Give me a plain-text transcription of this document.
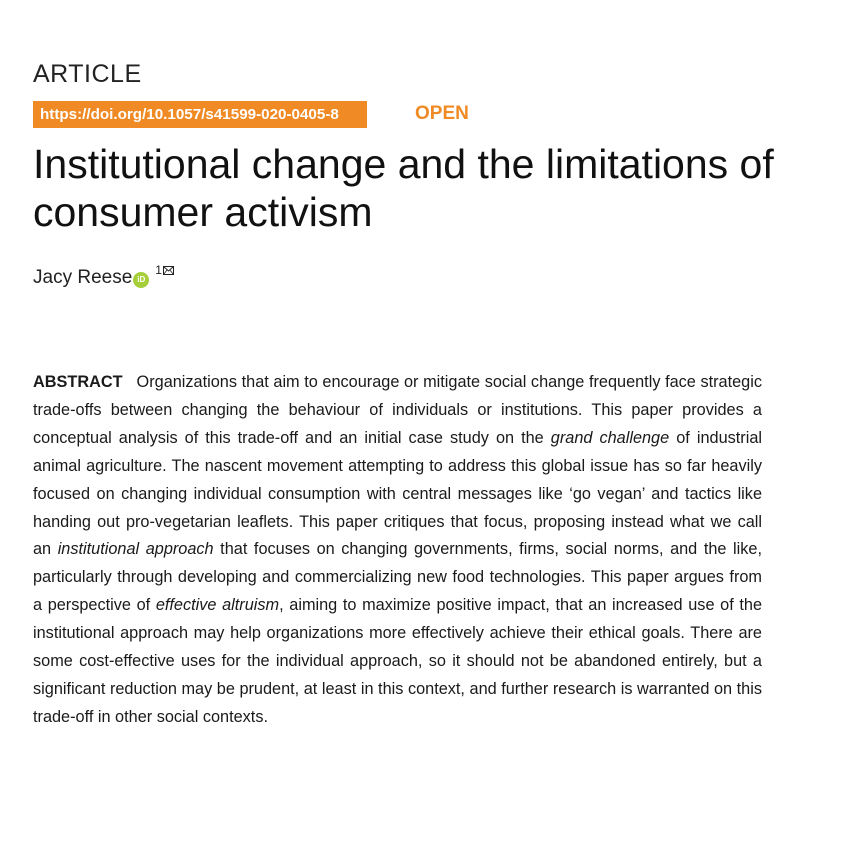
ARTICLE
https://doi.org/10.1057/s41599-020-0405-8	OPEN
Institutional change and the limitations of consumer activism
Jacy Reese iD
1

ABSTRACT Organizations that aim to encourage or mitigate social change frequently face strategic trade-offs between changing the behaviour of individuals or institutions. This paper provides a conceptual analysis of this trade-off and an initial case study on the grand challenge of industrial animal agriculture. The nascent movement attempting to address this global issue has so far heavily focused on changing individual consumption with central messages like ‘go vegan’ and tactics like handing out pro-vegetarian leaflets. This paper critiques that focus, proposing instead what we call an institutional approach that focuses on changing governments, firms, social norms, and the like, particularly through developing and commercializing new food technologies. This paper argues from a perspective of effective altruism, aiming to maximize positive impact, that an increased use of the institutional approach may help organizations more effectively achieve their ethical goals. There are some cost-effective uses for the individual approach, so it should not be abandoned entirely, but a significant reduction may be prudent, at least in this context, and further research is warranted on this trade-off in other social contexts.
